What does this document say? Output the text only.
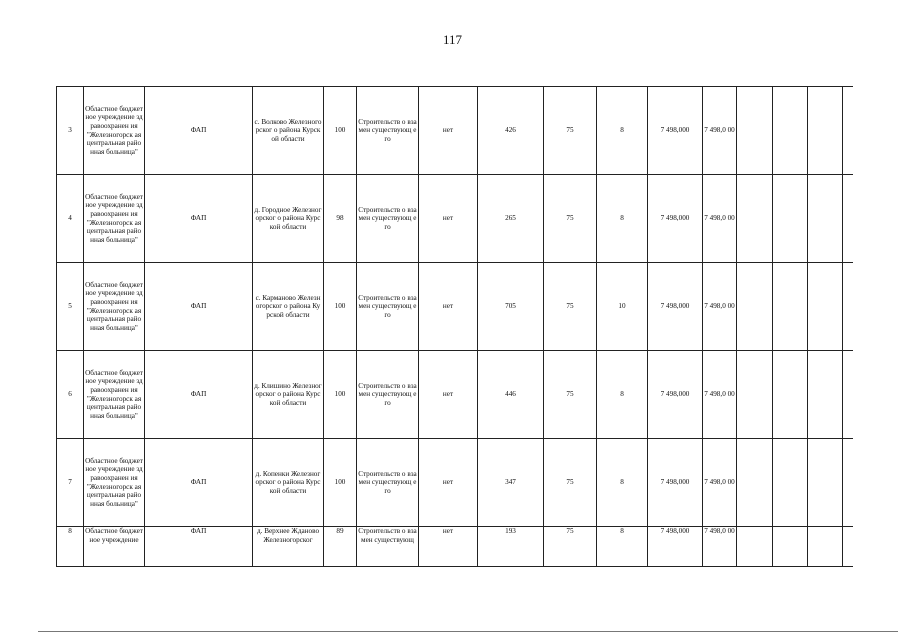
117
3	Областное бюджетное учреждение здравоохранен ия "Железногорск ая центральная районная больница"	ФАП	с. Волково Железногорског о района Курской области	100	Строительств о взамен существующ его	нет	426	75	8	7 498,000	7 498,0 00				
4	Областное бюджетное учреждение здравоохранен ия "Железногорск ая центральная районная больница"	ФАП	д. Городное Железногорског о района Курской области	98	Строительств о взамен существующ его	нет	265	75	8	7 498,000	7 498,0 00				
5	Областное бюджетное учреждение здравоохранен ия "Железногорск ая центральная районная больница"	ФАП	с. Карманово Железногорског о района Курской области	100	Строительств о взамен существующ его	нет	705	75	10	7 498,000	7 498,0 00				
6	Областное бюджетное учреждение здравоохранен ия "Железногорск ая центральная районная больница"	ФАП	д. Клишино Железногорског о района Курской области	100	Строительств о взамен существующ его	нет	446	75	8	7 498,000	7 498,0 00				
7	Областное бюджетное учреждение здравоохранен ия "Железногорск ая центральная районная больница"	ФАП	д. Копенки Железногорског о района Курской области	100	Строительств о взамен существующ его	нет	347	75	8	7 498,000	7 498,0 00				
8	Областное бюджетное учреждение	ФАП	д. Верхнее Жданово Железногорског	89	Строительств о взамен существующ	нет	193	75	8	7 498,000	7 498,0 00				
